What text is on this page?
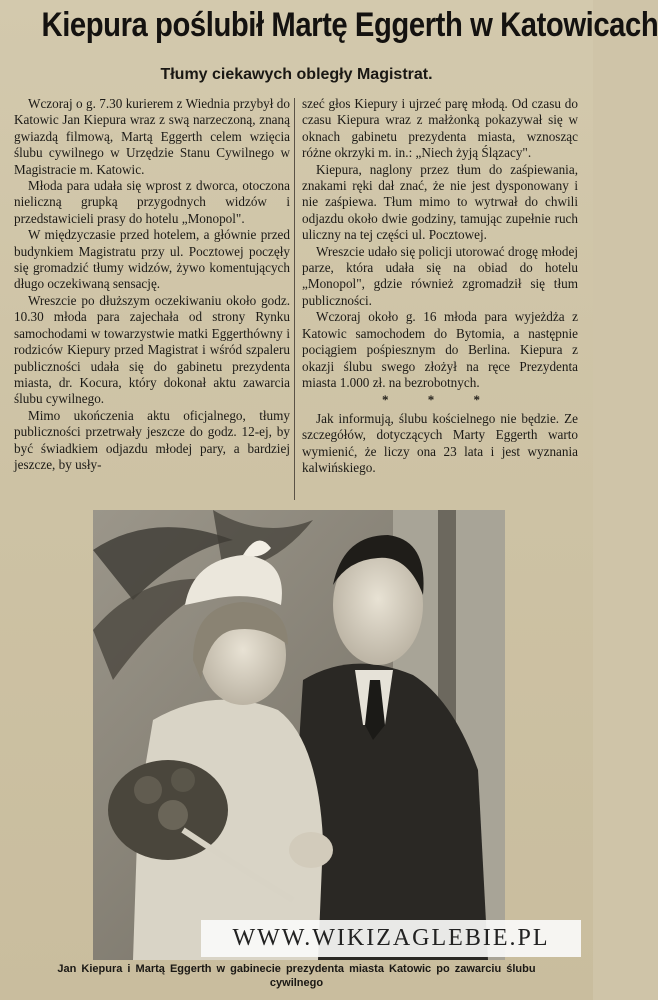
Kiepura poślubił Martę Eggerth w Katowicach
Tłumy ciekawych obległy Magistrat.

Wczoraj o g. 7.30 kurierem z Wiednia przybył do Katowic Jan Kiepura wraz z swą narzeczoną, znaną gwiazdą filmową, Martą Eggerth celem wzięcia ślubu cywilnego w Urzędzie Stanu Cywilnego w Magistracie m. Katowic.

Młoda para udała się wprost z dworca, otoczona nieliczną grupką przygodnych widzów i przedstawicieli prasy do hotelu „Monopol".

W międzyczasie przed hotelem, a głównie przed budynkiem Magistratu przy ul. Pocztowej poczęły się gromadzić tłumy widzów, żywo komentujących długo oczekiwaną sensację.

Wreszcie po dłuższym oczekiwaniu około godz. 10.30 młoda para zajechała od strony Rynku samochodami w towarzystwie matki Eggerthówny i rodziców Kiepury przed Magistrat i wśród szpaleru publiczności udała się do gabinetu prezydenta miasta, dr. Kocura, który dokonał aktu zawarcia ślubu cywilnego.

Mimo ukończenia aktu oficjalnego, tłumy publiczności przetrwały jeszcze do godz. 12-ej, by być świadkiem odjazdu młodej pary, a bardziej jeszcze, by usły-

szeć głos Kiepury i ujrzeć parę młodą. Od czasu do czasu Kiepura wraz z małżonką pokazywał się w oknach gabinetu prezydenta miasta, wznosząc różne okrzyki m. in.: „Niech żyją Ślązacy".

Kiepura, naglony przez tłum do zaśpiewania, znakami ręki dał znać, że nie jest dysponowany i nie zaśpiewa. Tłum mimo to wytrwał do chwili odjazdu około dwie godziny, tamując zupełnie ruch uliczny na tej części ul. Pocztowej.

Wreszcie udało się policji utorować drogę młodej parze, która udała się na obiad do hotelu „Monopol", gdzie również zgromadził się tłum publiczności.

Wczoraj około g. 16 młoda para wyjeżdża z Katowic samochodem do Bytomia, a następnie pociągiem pośpiesznym do Berlina. Kiepura z okazji ślubu swego złożył na ręce Prezydenta miasta 1.000 zł. na bezrobotnych.

* * *

Jak informują, ślubu kościelnego nie będzie. Ze szczegółów, dotyczących Marty Eggerth warto wymienić, że liczy ona 23 lata i jest wyznania kalwińskiego.

WWW.WIKIZAGLEBIE.PL
Jan Kiepura i Martą Eggerth w gabinecie prezydenta miasta Katowic po zawarciu ślubu
cywilnego
